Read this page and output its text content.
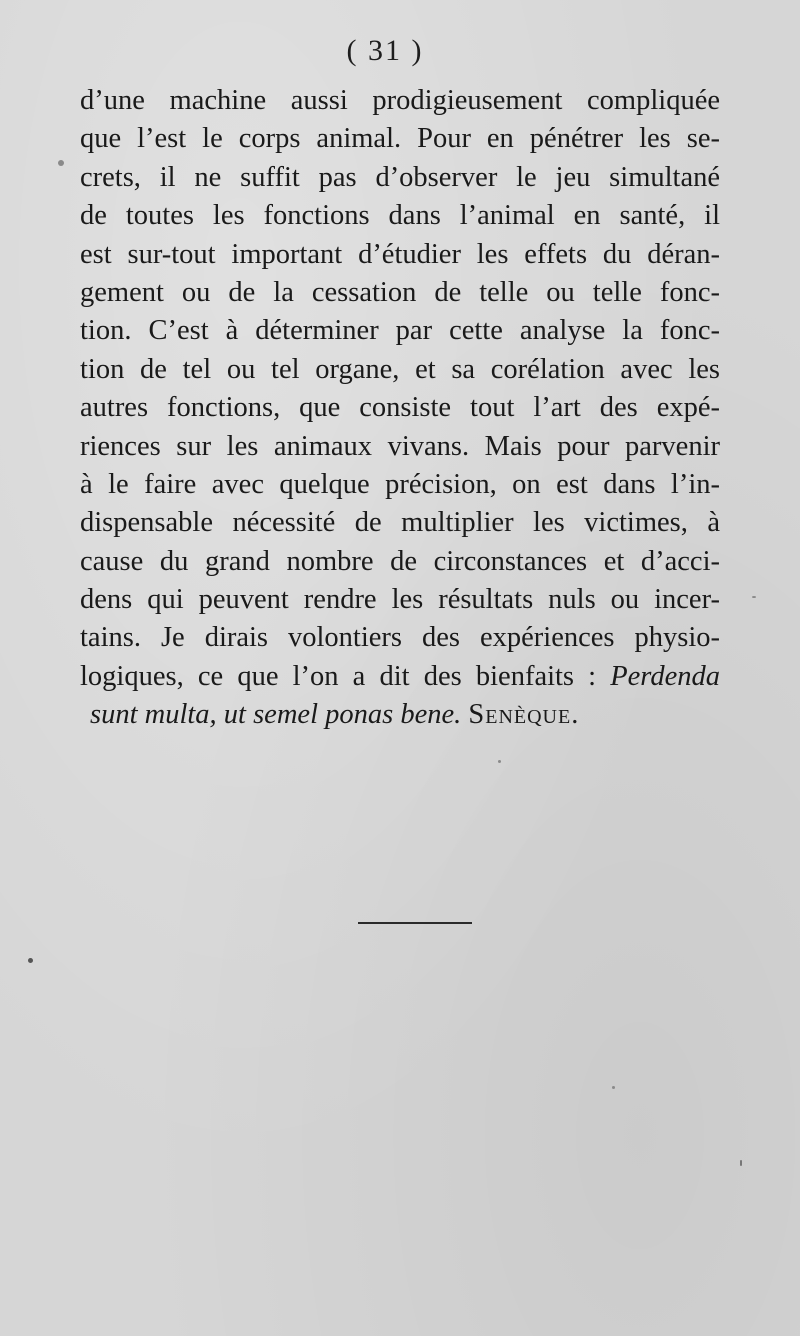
( 31 )
d’une machine aussi prodigieusement compliquée
que l’est le corps animal. Pour en pénétrer les se-
crets, il ne suffit pas d’observer le jeu simultané
de toutes les fonctions dans l’animal en santé, il
est sur-tout important d’étudier les effets du déran-
gement ou de la cessation de telle ou telle fonc-
tion. C’est à déterminer par cette analyse la fonc-
tion de tel ou tel organe, et sa corélation avec les
autres fonctions, que consiste tout l’art des expé-
riences sur les animaux vivans. Mais pour parvenir
à le faire avec quelque précision, on est dans l’in-
dispensable nécessité de multiplier les victimes, à
cause du grand nombre de circonstances et d’acci-
dens qui peuvent rendre les résultats nuls ou incer-
tains. Je dirais volontiers des expériences physio-
logiques, ce que l’on a dit des bienfaits : Perdenda
sunt multa, ut semel ponas bene. Senèque.
